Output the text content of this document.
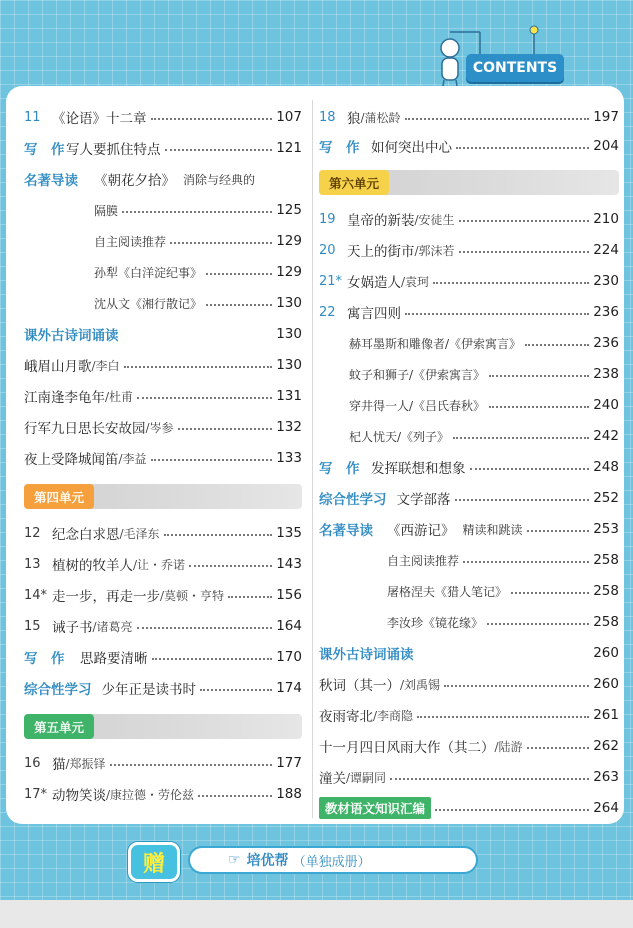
CONTENTS
11 《论语》十二章	107
写　作 写人要抓住特点	121
名著导读	《朝花夕拾》 消除与经典的
隔膜	125
自主阅读推荐	129
孙犁《白洋淀纪事》	129
沈从文《湘行散记》	130
课外古诗词诵读	130
峨眉山月歌 /李白	130
江南逢李龟年 /杜甫	131
行军九日思长安故园 /岑参	132
夜上受降城闻笛 /李益	133
第四单元
12 纪念白求恩 /毛泽东	135
13 植树的牧羊人 /让・乔诺	143
14* 走一步，再走一步 /莫顿・亨特	156
15 诫子书 /诸葛亮	164
写　作	思路要清晰	170
综合性学习 少年正是读书时	174
第五单元
16 猫 /郑振铎	177
17* 动物笑谈 /康拉德・劳伦兹	188
18 狼 /蒲松龄	197
写　作 如何突出中心	204
第六单元
19 皇帝的新装 /安徒生	210
20 天上的街市 /郭沫若	224
21* 女娲造人 /袁珂	230
22 寓言四则	236
赫耳墨斯和雕像者/《伊索寓言》	236
蚊子和狮子/《伊索寓言》	238
穿井得一人/《吕氏春秋》	240
杞人忧天/《列子》	242
写　作 发挥联想和想象	248
综合性学习 文学部落	252
名著导读	《西游记》 精读和跳读	253
自主阅读推荐	258
屠格涅夫《猎人笔记》	258
李汝珍《镜花缘》	258
课外古诗词诵读	260
秋词（其一） /刘禹锡	260
夜雨寄北 /李商隐	261
十一月四日风雨大作（其二） /陆游	262
潼关 /谭嗣同	263
教材语文知识汇编	264
赠	☞ 培优帮 （单独成册）
